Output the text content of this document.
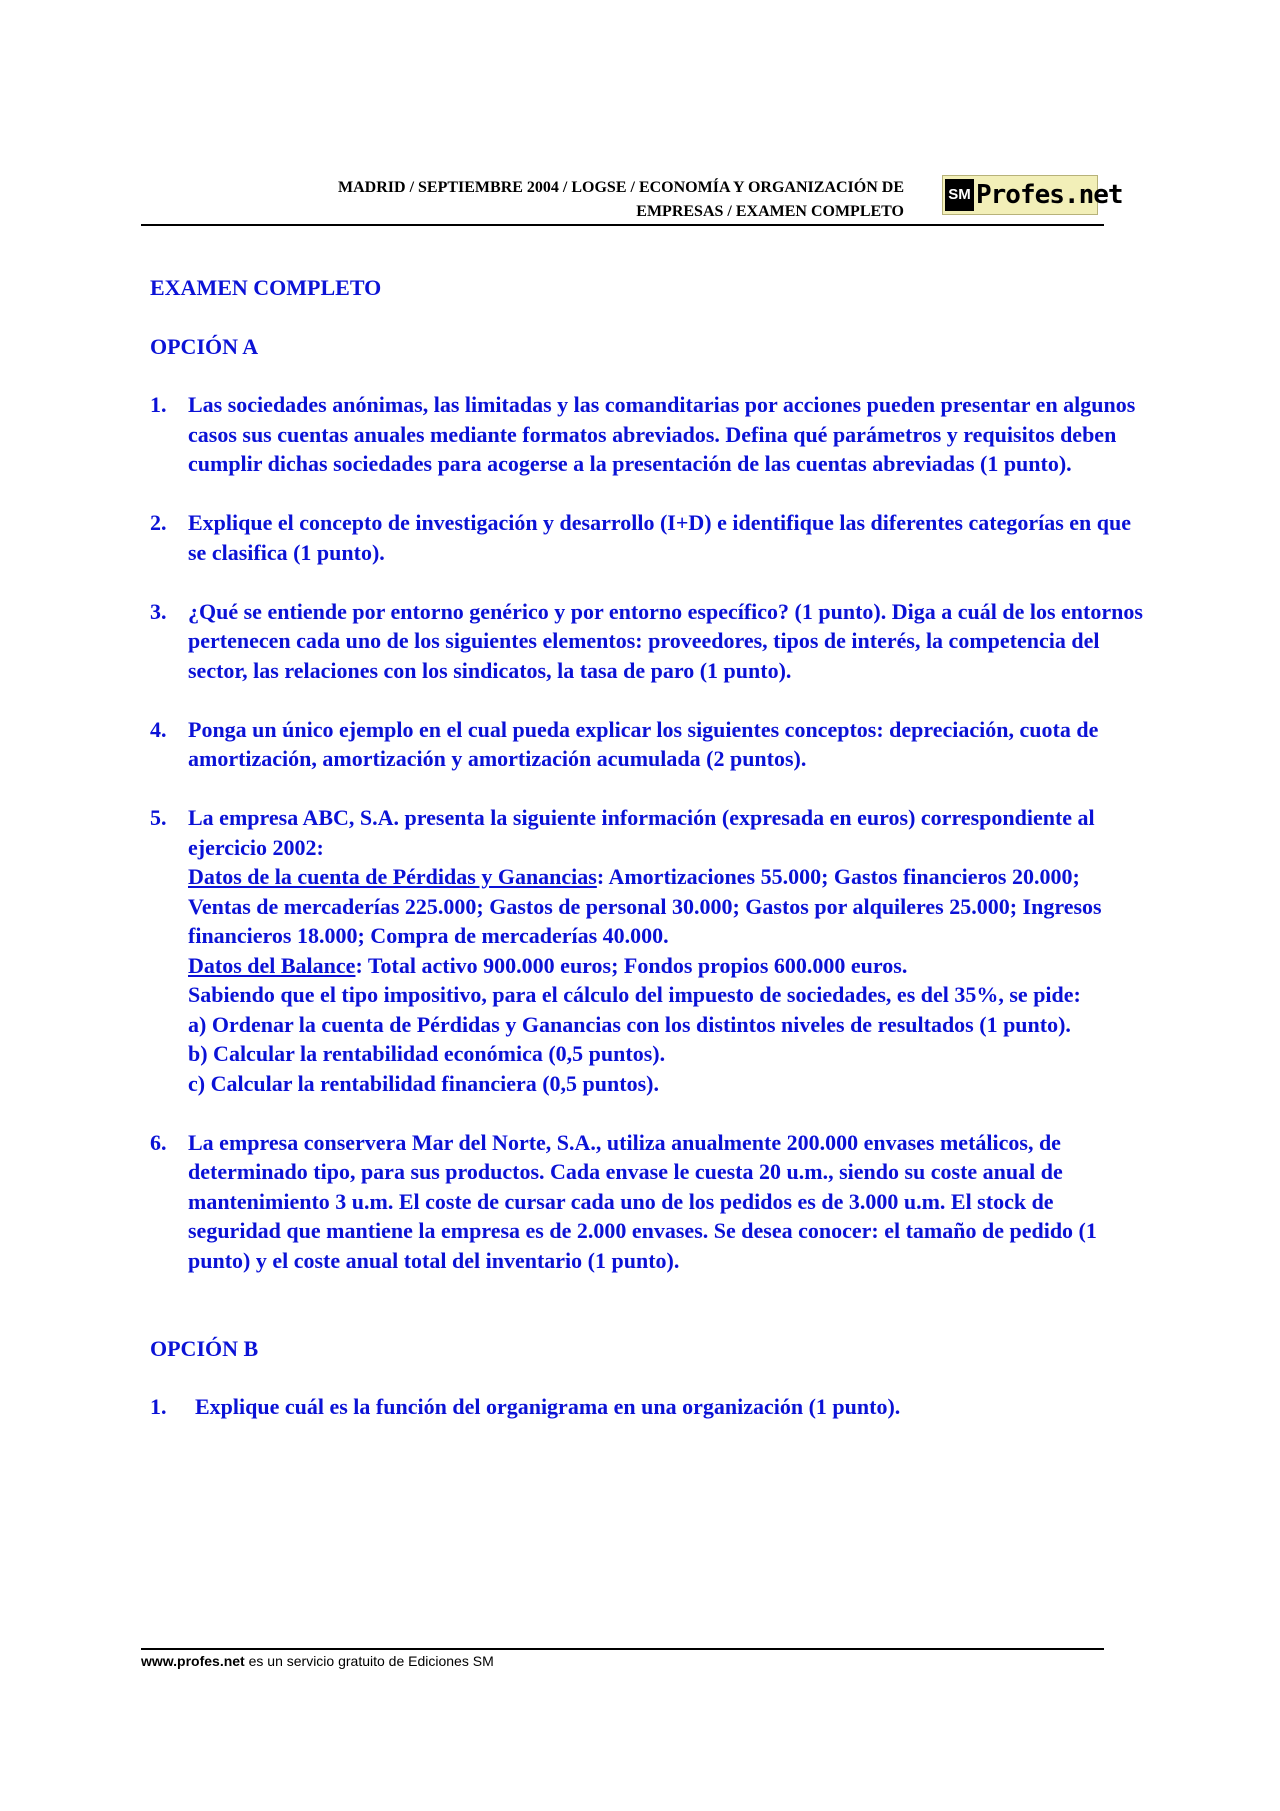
MADRID / SEPTIEMBRE 2004 / LOGSE / ECONOMÍA Y ORGANIZACIÓN DE
EMPRESAS / EXAMEN COMPLETO
SM Profes.net

EXAMEN COMPLETO

OPCIÓN A

1. Las sociedades anónimas, las limitadas y las comanditarias por acciones pueden presentar en algunos casos sus cuentas anuales mediante formatos abreviados. Defina qué parámetros y requisitos deben cumplir dichas sociedades para acogerse a la presentación de las cuentas abreviadas (1 punto).
2. Explique el concepto de investigación y desarrollo (I+D) e identifique las diferentes categorías en que se clasifica (1 punto).
3. ¿Qué se entiende por entorno genérico y por entorno específico? (1 punto). Diga a cuál de los entornos pertenecen cada uno de los siguientes elementos: proveedores, tipos de interés, la competencia del sector, las relaciones con los sindicatos, la tasa de paro (1 punto).
4. Ponga un único ejemplo en el cual pueda explicar los siguientes conceptos: depreciación, cuota de amortización, amortización y amortización acumulada (2 puntos).
5. La empresa ABC, S.A. presenta la siguiente información (expresada en euros) correspondiente al ejercicio 2002:
Datos de la cuenta de Pérdidas y Ganancias: Amortizaciones 55.000; Gastos financieros 20.000; Ventas de mercaderías 225.000; Gastos de personal 30.000; Gastos por alquileres 25.000; Ingresos financieros 18.000; Compra de mercaderías 40.000.
Datos del Balance: Total activo 900.000 euros; Fondos propios 600.000 euros.
Sabiendo que el tipo impositivo, para el cálculo del impuesto de sociedades, es del 35%, se pide:
a) Ordenar la cuenta de Pérdidas y Ganancias con los distintos niveles de resultados (1 punto).
b) Calcular la rentabilidad económica (0,5 puntos).
c) Calcular la rentabilidad financiera (0,5 puntos).
6. La empresa conservera Mar del Norte, S.A., utiliza anualmente 200.000 envases metálicos, de determinado tipo, para sus productos. Cada envase le cuesta 20 u.m., siendo su coste anual de mantenimiento 3 u.m. El coste de cursar cada uno de los pedidos es de 3.000 u.m. El stock de seguridad que mantiene la empresa es de 2.000 envases. Se desea conocer: el tamaño de pedido (1 punto) y el coste anual total del inventario (1 punto).

OPCIÓN B

1. Explique cuál es la función del organigrama en una organización (1 punto).
www.profes.net es un servicio gratuito de Ediciones SM
